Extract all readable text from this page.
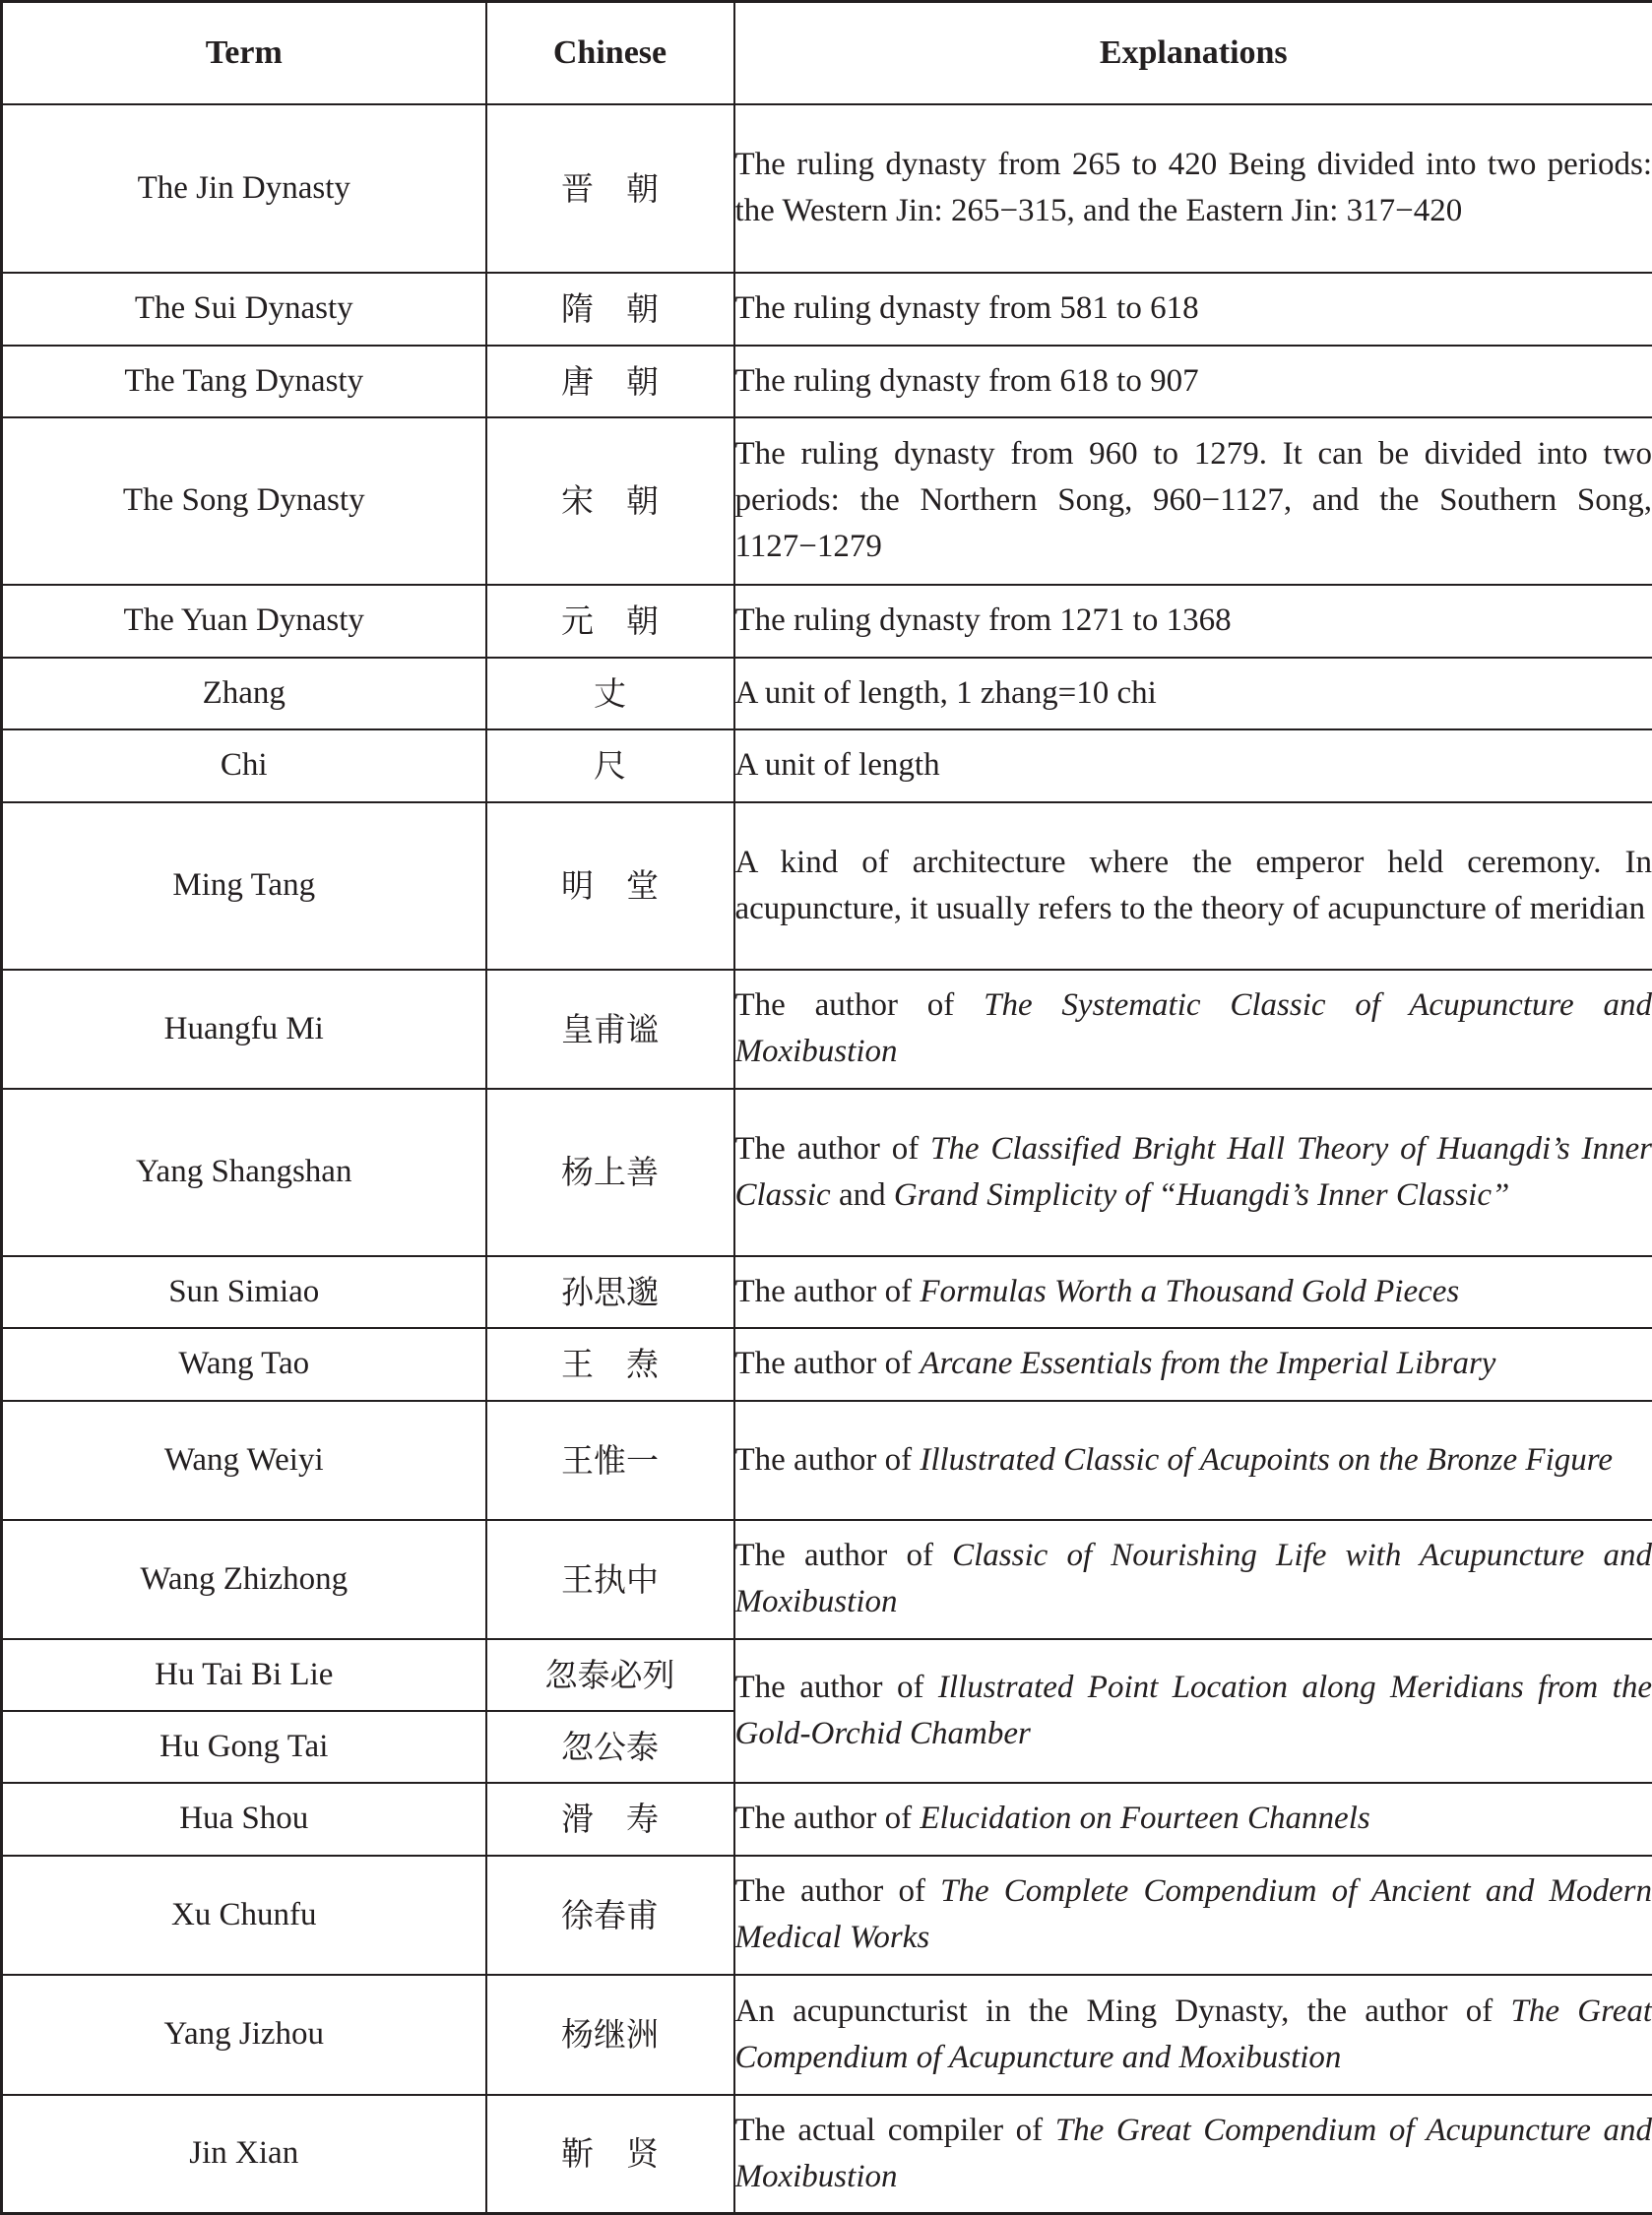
Term	Chinese	Explanations
The Jin Dynasty	晋　朝	The ruling dynasty from 265 to 420 Being divided into two periods: the Western Jin: 265−315, and the Eastern Jin: 317−420
The Sui Dynasty	隋　朝	The ruling dynasty from 581 to 618
The Tang Dynasty	唐　朝	The ruling dynasty from 618 to 907
The Song Dynasty	宋　朝	The ruling dynasty from 960 to 1279. It can be divided into two periods: the Northern Song, 960−1127, and the Southern Song, 1127−1279
The Yuan Dynasty	元　朝	The ruling dynasty from 1271 to 1368
Zhang	丈	A unit of length, 1 zhang=10 chi
Chi	尺	A unit of length
Ming Tang	明　堂	A kind of architecture where the emperor held ceremony. In acupuncture, it usually refers to the theory of acupuncture of meridian
Huangfu Mi	皇甫谧	The author of The Systematic Classic of Acupuncture and Moxibustion
Yang Shangshan	杨上善	The author of The Classified Bright Hall Theory of Huangdi’s Inner Classic and Grand Simplicity of “Huangdi’s Inner Classic”
Sun Simiao	孙思邈	The author of Formulas Worth a Thousand Gold Pieces
Wang Tao	王　焘	The author of Arcane Essentials from the Imperial Library
Wang Weiyi	王惟一	The author of Illustrated Classic of Acupoints on the Bronze Figure
Wang Zhizhong	王执中	The author of Classic of Nourishing Life with Acupuncture and Moxibustion
Hu Tai Bi Lie	忽泰必列	The author of Illustrated Point Location along Meridians from the Gold-Orchid Chamber
Hu Gong Tai	忽公泰	
Hua Shou	滑　寿	The author of Elucidation on Fourteen Channels
Xu Chunfu	徐春甫	The author of The Complete Compendium of Ancient and Modern Medical Works
Yang Jizhou	杨继洲	An acupuncturist in the Ming Dynasty, the author of The Great Compendium of Acupuncture and Moxibustion
Jin Xian	靳　贤	The actual compiler of The Great Compendium of Acupuncture and Moxibustion
